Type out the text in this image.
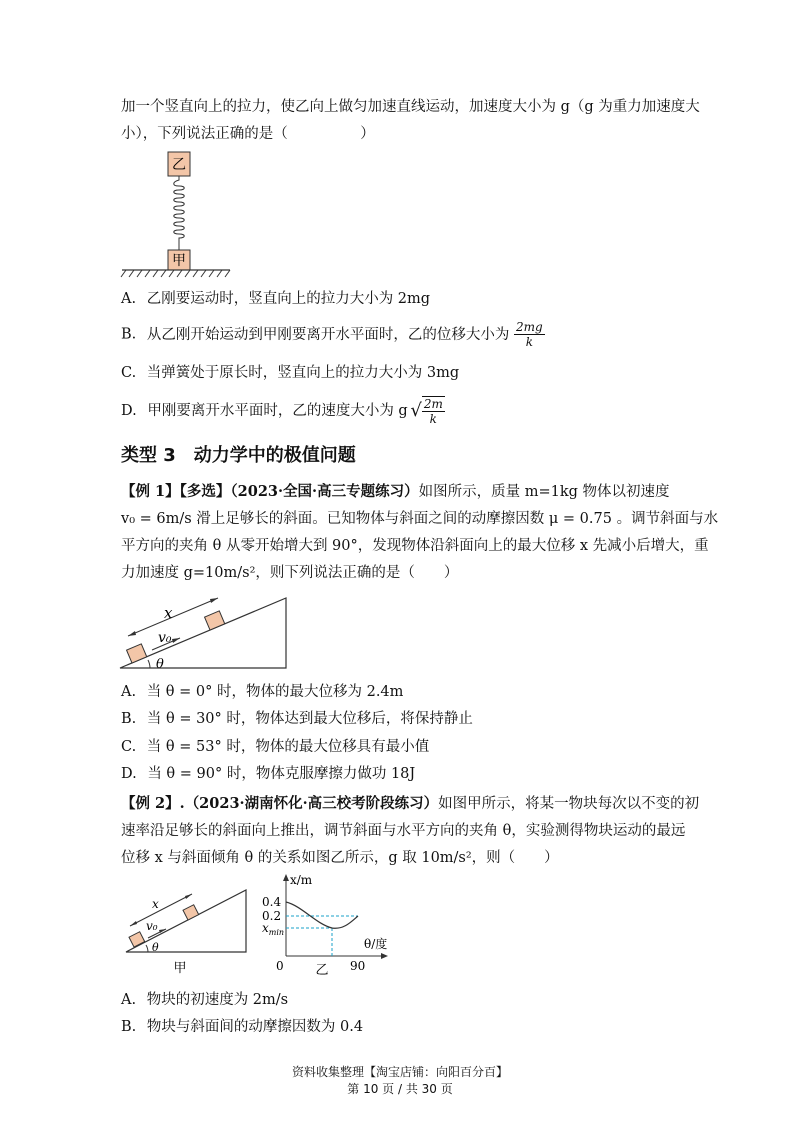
加一个竖直向上的拉力，使乙向上做匀加速直线运动，加速度大小为 g（g 为重力加速度大
小），下列说法正确的是（　　　　　）
乙
甲
A. 乙刚要运动时，竖直向上的拉力大小为 2mg
B. 从乙刚开始运动到甲刚要离开水平面时，乙的位移大小为 $\frac{2mg}{k}$
C. 当弹簧处于原长时，竖直向上的拉力大小为 3mg
D. 甲刚要离开水平面时，乙的速度大小为 g √ $\frac{2m}{k}$
类型 3　动力学中的极值问题
【例 1】【多选】（2023·全国·高三专题练习）如图所示，质量 m=1kg 物体以初速度
v₀ = 6m/s 滑上足够长的斜面。已知物体与斜面之间的动摩擦因数 μ = 0.75 。调节斜面与水
平方向的夹角 θ 从零开始增大到 90°，发现物体沿斜面向上的最大位移 x 先减小后增大，重
力加速度 g=10m/s²，则下列说法正确的是（　　）
x
v₀
θ
A. 当 θ = 0° 时，物体的最大位移为 2.4m
B. 当 θ = 30° 时，物体达到最大位移后，将保持静止
C. 当 θ = 53° 时，物体的最大位移具有最小值
D. 当 θ = 90° 时，物体克服摩擦力做功 18J
【例 2】.（2023·湖南怀化·高三校考阶段练习）如图甲所示，将某一物块每次以不变的初
速率沿足够长的斜面向上推出，调节斜面与水平方向的夹角 θ，实验测得物块运动的最远
位移 x 与斜面倾角 θ 的关系如图乙所示，g 取 10m/s²，则（　　）
x
v₀
θ
甲
x/m
θ/度
0.4
0.2
$x_{min}$
0	90
乙
A. 物块的初速度为 2m/s
B. 物块与斜面间的动摩擦因数为 0.4
资料收集整理【淘宝店铺：向阳百分百】
第 10 页 / 共 30 页
